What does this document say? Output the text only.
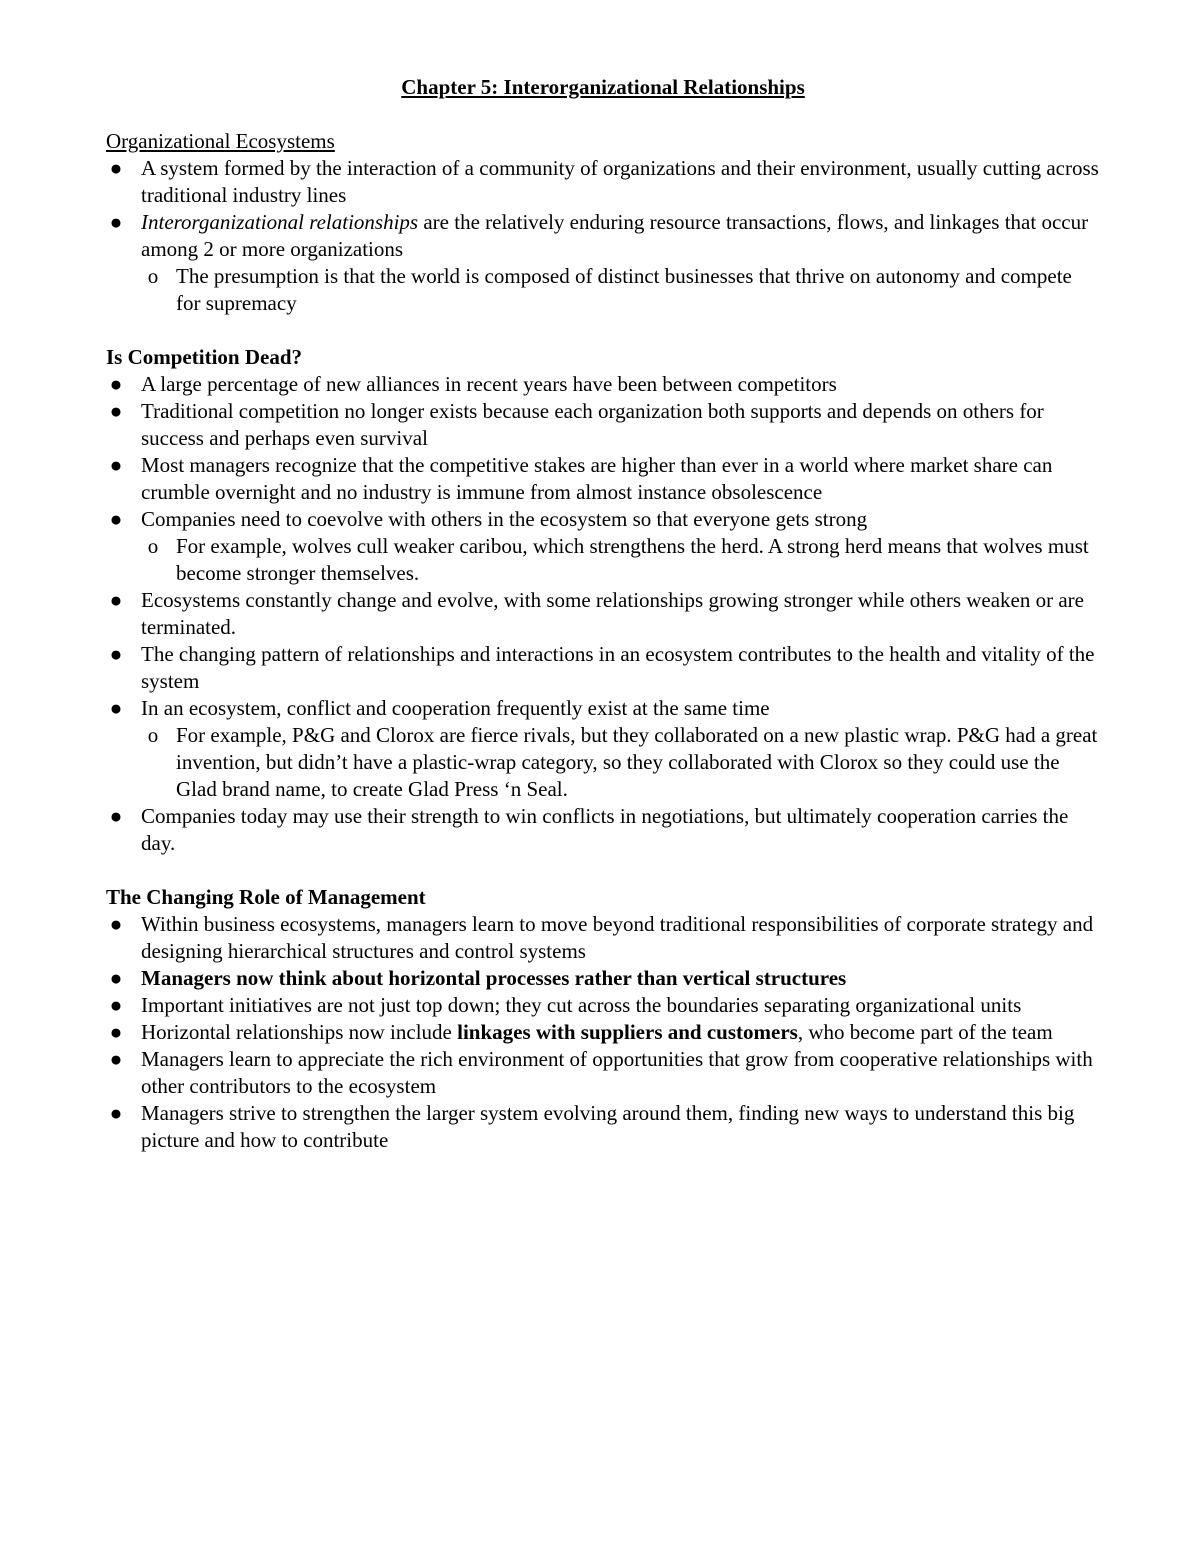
Chapter 5: Interorganizational Relationships
Organizational Ecosystems
● A system formed by the interaction of a community of organizations and their environment, usually cutting across traditional industry lines
● Interorganizational relationships are the relatively enduring resource transactions, flows, and linkages that occur among 2 or more organizations
o The presumption is that the world is composed of distinct businesses that thrive on autonomy and compete for supremacy
Is Competition Dead?
● A large percentage of new alliances in recent years have been between competitors
● Traditional competition no longer exists because each organization both supports and depends on others for success and perhaps even survival
● Most managers recognize that the competitive stakes are higher than ever in a world where market share can crumble overnight and no industry is immune from almost instance obsolescence
● Companies need to coevolve with others in the ecosystem so that everyone gets strong
o For example, wolves cull weaker caribou, which strengthens the herd. A strong herd means that wolves must become stronger themselves.
● Ecosystems constantly change and evolve, with some relationships growing stronger while others weaken or are terminated.
● The changing pattern of relationships and interactions in an ecosystem contributes to the health and vitality of the system
● In an ecosystem, conflict and cooperation frequently exist at the same time
o For example, P&G and Clorox are fierce rivals, but they collaborated on a new plastic wrap. P&G had a great invention, but didn’t have a plastic-wrap category, so they collaborated with Clorox so they could use the Glad brand name, to create Glad Press ‘n Seal.
● Companies today may use their strength to win conflicts in negotiations, but ultimately cooperation carries the day.
The Changing Role of Management
● Within business ecosystems, managers learn to move beyond traditional responsibilities of corporate strategy and designing hierarchical structures and control systems
● Managers now think about horizontal processes rather than vertical structures
● Important initiatives are not just top down; they cut across the boundaries separating organizational units
● Horizontal relationships now include linkages with suppliers and customers, who become part of the team
● Managers learn to appreciate the rich environment of opportunities that grow from cooperative relationships with other contributors to the ecosystem
● Managers strive to strengthen the larger system evolving around them, finding new ways to understand this big picture and how to contribute
